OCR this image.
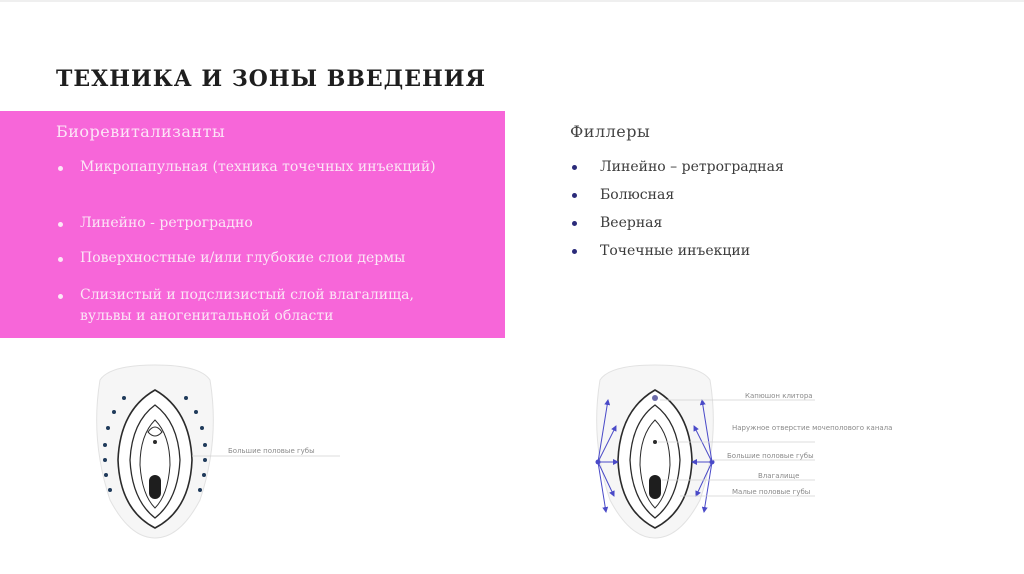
ТЕХНИКА И ЗОНЫ ВВЕДЕНИЯ
Биоревитализанты
Микропапульная (техника точечных инъекций)
Линейно - ретроградно
Поверхностные и/или глубокие слои дермы
Слизистый и подслизистый слой влагалища, вульвы и аногенитальной области
Филлеры
Линейно – ретроградная
Болюсная
Веерная
Точечные инъекции
Большие половые губы
Капюшон клитора
Наружное отверстие мочеполового канала
Большие половые губы
Влагалище
Малые половые губы
